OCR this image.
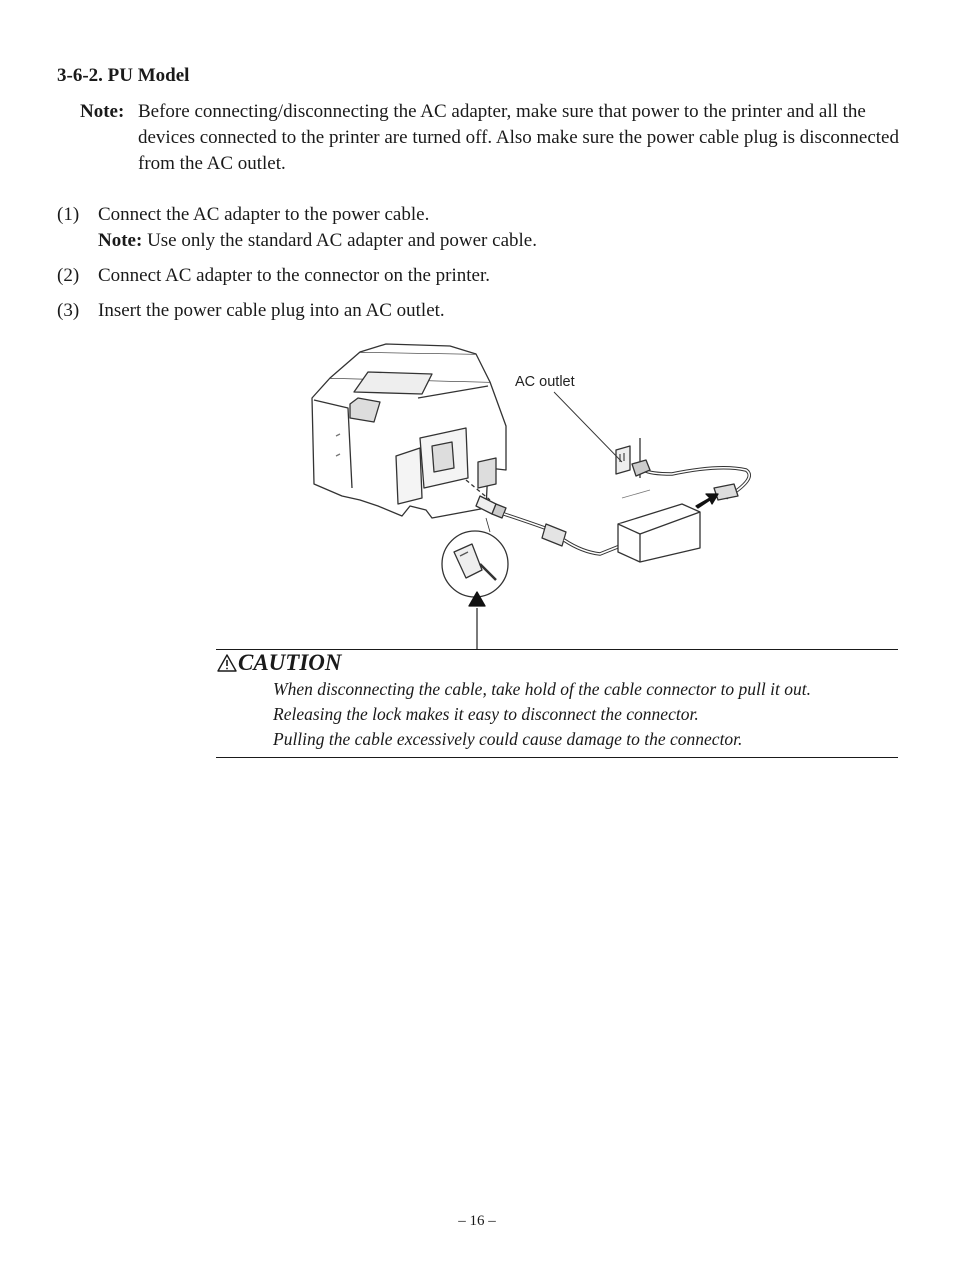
3-6-2. PU Model
Note: Before connecting/disconnecting the AC adapter, make sure that power to the printer and all the devices connected to the printer are turned off. Also make sure the power cable plug is disconnected from the AC outlet.
(1) Connect the AC adapter to the power cable.
Note: Use only the standard AC adapter and power cable.
(2) Connect AC adapter to the connector on the printer.
(3) Insert the power cable plug into an AC outlet.
AC outlet
CAUTION
When disconnecting the cable, take hold of the cable connector to pull it out.
Releasing the lock makes it easy to disconnect the connector.
Pulling the cable excessively could cause damage to the connector.
– 16 –
